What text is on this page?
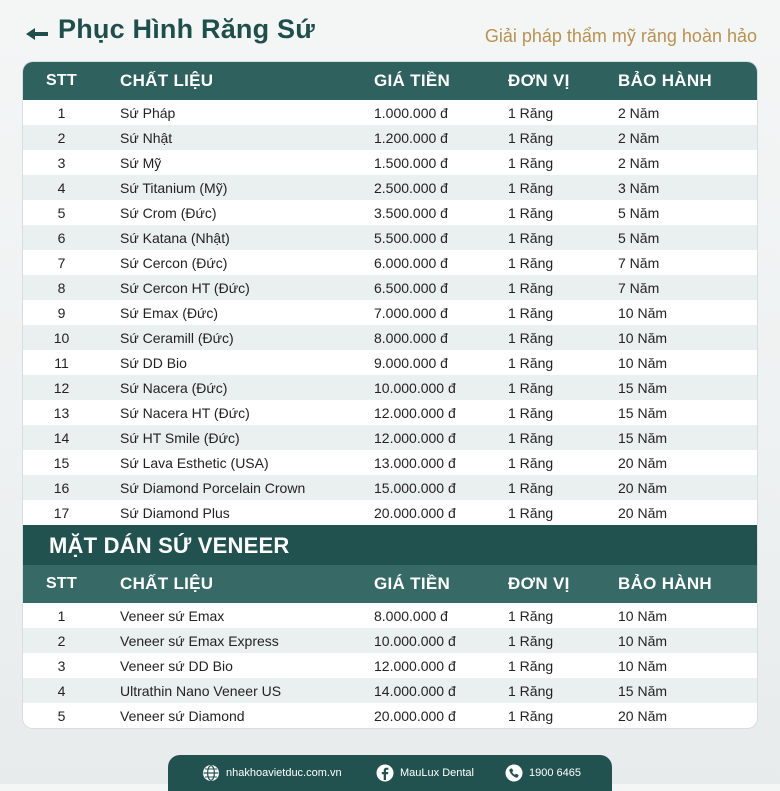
Phục Hình Răng Sứ	Giải pháp thẩm mỹ răng hoàn hảo
STT	CHẤT LIỆU	GIÁ TIỀN	ĐƠN VỊ	BẢO HÀNH
1	Sứ Pháp	1.000.000 đ	1 Răng	2 Năm
2	Sứ Nhật	1.200.000 đ	1 Răng	2 Năm
3	Sứ Mỹ	1.500.000 đ	1 Răng	2 Năm
4	Sứ Titanium (Mỹ)	2.500.000 đ	1 Răng	3 Năm
5	Sứ Crom (Đức)	3.500.000 đ	1 Răng	5 Năm
6	Sứ Katana (Nhật)	5.500.000 đ	1 Răng	5 Năm
7	Sứ Cercon (Đức)	6.000.000 đ	1 Răng	7 Năm
8	Sứ Cercon HT (Đức)	6.500.000 đ	1 Răng	7 Năm
9	Sứ Emax (Đức)	7.000.000 đ	1 Răng	10 Năm
10	Sứ Ceramill (Đức)	8.000.000 đ	1 Răng	10 Năm
11	Sứ DD Bio	9.000.000 đ	1 Răng	10 Năm
12	Sứ Nacera (Đức)	10.000.000 đ	1 Răng	15 Năm
13	Sứ Nacera HT (Đức)	12.000.000 đ	1 Răng	15 Năm
14	Sứ HT Smile (Đức)	12.000.000 đ	1 Răng	15 Năm
15	Sứ Lava Esthetic (USA)	13.000.000 đ	1 Răng	20 Năm
16	Sứ Diamond Porcelain Crown	15.000.000 đ	1 Răng	20 Năm
17	Sứ Diamond Plus	20.000.000 đ	1 Răng	20 Năm
MẶT DÁN SỨ VENEER
STT	CHẤT LIỆU	GIÁ TIỀN	ĐƠN VỊ	BẢO HÀNH
1	Veneer sứ Emax	8.000.000 đ	1 Răng	10 Năm
2	Veneer sứ Emax Express	10.000.000 đ	1 Răng	10 Năm
3	Veneer sứ DD Bio	12.000.000 đ	1 Răng	10 Năm
4	Ultrathin Nano Veneer US	14.000.000 đ	1 Răng	15 Năm
5	Veneer sứ Diamond	20.000.000 đ	1 Răng	20 Năm
nhakhoavietduc.com.vn	MauLux Dental	1900 6465
